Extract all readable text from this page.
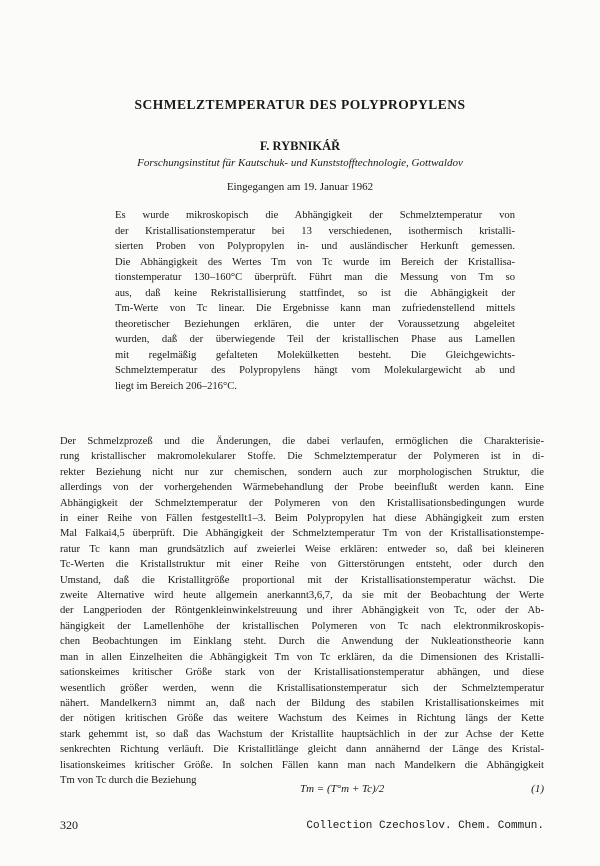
SCHMELZTEMPERATUR DES POLYPROPYLENS
F. RYBNIKÁŘ
Forschungsinstitut für Kautschuk- und Kunststofftechnologie, Gottwaldov
Eingegangen am 19. Januar 1962
Es wurde mikroskopisch die Abhängigkeit der Schmelztemperatur von
der Kristallisationstemperatur bei 13 verschiedenen, isothermisch kristalli-
sierten Proben von Polypropylen in- und ausländischer Herkunft gemessen.
Die Abhängigkeit des Wertes Tm von Tc wurde im Bereich der Kristallisa-
tionstemperatur 130–160°C überprüft. Führt man die Messung von Tm so
aus, daß keine Rekristallisierung stattfindet, so ist die Abhängigkeit der
Tm-Werte von Tc linear. Die Ergebnisse kann man zufriedenstellend mittels
theoretischer Beziehungen erklären, die unter der Voraussetzung abgeleitet
wurden, daß der überwiegende Teil der kristallischen Phase aus Lamellen
mit regelmäßig gefalteten Molekülketten besteht. Die Gleichgewichts-
Schmelztemperatur des Polypropylens hängt vom Molekulargewicht ab und
liegt im Bereich 206–216°C.
Der Schmelzprozeß und die Änderungen, die dabei verlaufen, ermöglichen die Charakterisie-
rung kristallischer makromolekularer Stoffe. Die Schmelztemperatur der Polymeren ist in di-
rekter Beziehung nicht nur zur chemischen, sondern auch zur morphologischen Struktur, die
allerdings von der vorhergehenden Wärmebehandlung der Probe beeinflußt werden kann. Eine
Abhängigkeit der Schmelztemperatur der Polymeren von den Kristallisationsbedingungen wurde
in einer Reihe von Fällen festgestellt1–3. Beim Polypropylen hat diese Abhängigkeit zum ersten
Mal Falkai4,5 überprüft. Die Abhängigkeit der Schmelztemperatur Tm von der Kristallisationstempe-
ratur Tc kann man grundsätzlich auf zweierlei Weise erklären: entweder so, daß bei kleineren
Tc-Werten die Kristallstruktur mit einer Reihe von Gitterstörungen entsteht, oder durch den
Umstand, daß die Kristallitgröße proportional mit der Kristallisationstemperatur wächst. Die
zweite Alternative wird heute allgemein anerkannt3,6,7, da sie mit der Beobachtung der Werte
der Langperioden der Röntgenkleinwinkelstreuung und ihrer Abhängigkeit von Tc, oder der Ab-
hängigkeit der Lamellenhöhe der kristallischen Polymeren von Tc nach elektronmikroskopis-
chen Beobachtungen im Einklang steht. Durch die Anwendung der Nukleationstheorie kann
man in allen Einzelheiten die Abhängigkeit Tm von Tc erklären, da die Dimensionen des Kristalli-
sationskeimes kritischer Größe stark von der Kristallisationstemperatur abhängen, und diese
wesentlich größer werden, wenn die Kristallisationstemperatur sich der Schmelztemperatur
nähert. Mandelkern3 nimmt an, daß nach der Bildung des stabilen Kristallisationskeimes mit
der nötigen kritischen Größe das weitere Wachstum des Keimes in Richtung längs der Kette
stark gehemmt ist, so daß das Wachstum der Kristallite hauptsächlich in der zur Achse der Kette
senkrechten Richtung verläuft. Die Kristallitlänge gleicht dann annähernd der Länge des Kristal-
lisationskeimes kritischer Größe. In solchen Fällen kann man nach Mandelkern die Abhängigkeit
Tm von Tc durch die Beziehung
Tm = (T°m + Tc)/2	(1)
320	Collection Czechoslov. Chem. Commun.
